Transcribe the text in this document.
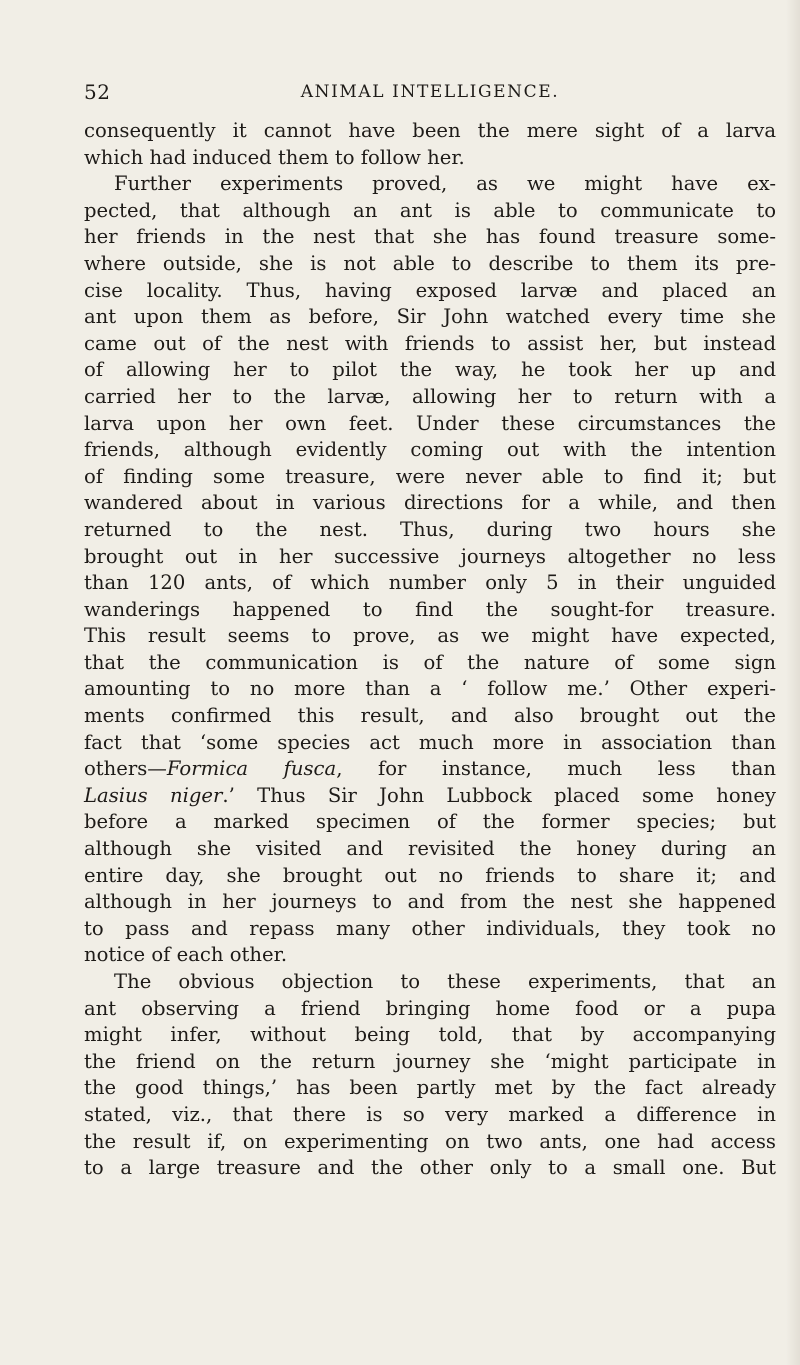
52	ANIMAL INTELLIGENCE.
consequently it cannot have been the mere sight of a larva
which had induced them to follow her.
Further experiments proved, as we might have ex-
pected, that although an ant is able to communicate to
her friends in the nest that she has found treasure some-
where outside, she is not able to describe to them its pre-
cise locality. Thus, having exposed larvæ and placed an
ant upon them as before, Sir John watched every time she
came out of the nest with friends to assist her, but instead
of allowing her to pilot the way, he took her up and
carried her to the larvæ, allowing her to return with a
larva upon her own feet. Under these circumstances the
friends, although evidently coming out with the intention
of finding some treasure, were never able to find it; but
wandered about in various directions for a while, and then
returned to the nest. Thus, during two hours she
brought out in her successive journeys altogether no less
than 120 ants, of which number only 5 in their unguided
wanderings happened to find the sought-for treasure.
This result seems to prove, as we might have expected,
that the communication is of the nature of some sign
amounting to no more than a ‘ follow me.’ Other experi-
ments confirmed this result, and also brought out the
fact that ‘some species act much more in association than
others—Formica fusca, for instance, much less than
Lasius niger.’ Thus Sir John Lubbock placed some honey
before a marked specimen of the former species; but
although she visited and revisited the honey during an
entire day, she brought out no friends to share it; and
although in her journeys to and from the nest she happened
to pass and repass many other individuals, they took no
notice of each other.
The obvious objection to these experiments, that an
ant observing a friend bringing home food or a pupa
might infer, without being told, that by accompanying
the friend on the return journey she ‘might participate in
the good things,’ has been partly met by the fact already
stated, viz., that there is so very marked a difference in
the result if, on experimenting on two ants, one had access
to a large treasure and the other only to a small one. But
